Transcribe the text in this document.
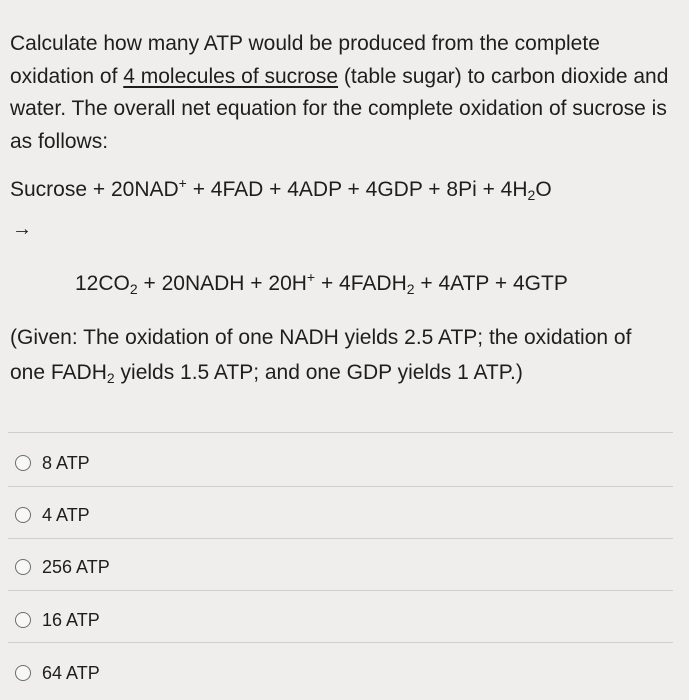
Calculate how many ATP would be produced from the complete oxidation of 4 molecules of sucrose (table sugar) to carbon dioxide and water. The overall net equation for the complete oxidation of sucrose is as follows:
Sucrose + $20NAD^+ + 4FAD + 4ADP + 4GDP + 8Pi + 4H_2O$
→
$12CO_2$ + 20NADH + $20H^+ + 4FADH_2 + 4ATP + 4GTP$
(Given: The oxidation of one NADH yields 2.5 ATP; the oxidation of one $FADH_2$ yields 1.5 ATP; and one GDP yields 1 ATP.)
8 ATP
4 ATP
256 ATP
16 ATP
64 ATP
